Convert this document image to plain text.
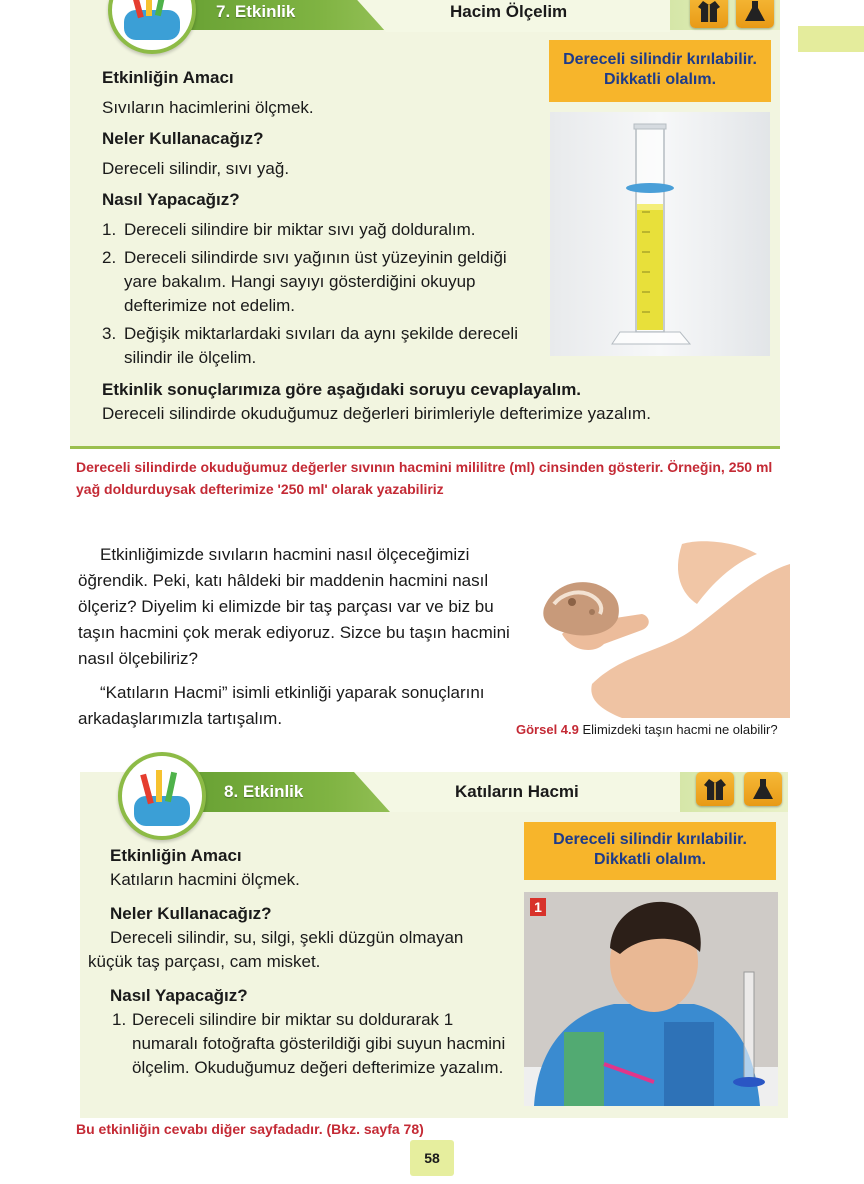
7. Etkinlik	Hacim Ölçelim
Dereceli silindir kırılabilir. Dikkatli olalım.
Etkinliğin Amacı
Sıvıların hacimlerini ölçmek.
Neler Kullanacağız?
Dereceli silindir, sıvı yağ.
Nasıl Yapacağız?
1. Dereceli silindire bir miktar sıvı yağ dolduralım.
2. Dereceli silindirde sıvı yağının üst yüzeyinin geldiği yare bakalım. Hangi sayıyı gösterdiğini okuyup defterimize not edelim.
3. Değişik miktarlardaki sıvıları da aynı şekilde dereceli silindir ile ölçelim.
Etkinlik sonuçlarımıza göre aşağıdaki soruyu cevaplayalım.
Dereceli silindirde okuduğumuz değerleri birimleriyle defterimize yazalım.
Dereceli silindirde okuduğumuz değerler sıvının hacmini mililitre (ml) cinsinden gösterir. Örneğin, 250 ml yağ doldurduysak defterimize '250 ml' olarak yazabiliriz
Etkinliğimizde sıvıların hacmini nasıl ölçeceğimizi öğrendik. Peki, katı hâldeki bir maddenin hacmini nasıl ölçeriz? Diyelim ki elimizde bir taş parçası var ve biz bu taşın hacmini çok merak ediyoruz. Sizce bu taşın hacmini nasıl ölçebiliriz?
“Katıların Hacmi” isimli etkinliği yaparak sonuçlarını arkadaşlarımızla tartışalım.
Görsel 4.9 Elimizdeki taşın hacmi ne olabilir?
8. Etkinlik	Katıların Hacmi
Dereceli silindir kırılabilir. Dikkatli olalım.
1
Etkinliğin Amacı
Katıların hacmini ölçmek.
Neler Kullanacağız?
Dereceli silindir, su, silgi, şekli düzgün olmayan küçük taş parçası, cam misket.
Nasıl Yapacağız?
1. Dereceli silindire bir miktar su doldurarak 1 numaralı fotoğrafta gösterildiği gibi suyun hacmini ölçelim. Okuduğumuz değeri defterimize yazalım.
Bu etkinliğin cevabı diğer sayfadadır. (Bkz. sayfa 78)
58
